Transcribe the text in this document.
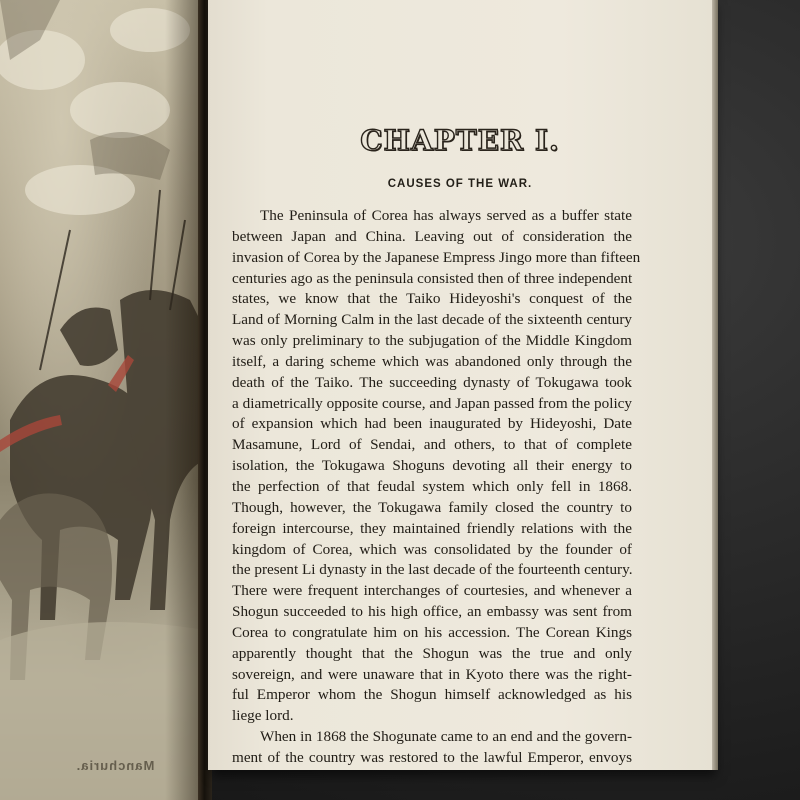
Manchuria.
CHAPTER I.
CAUSES OF THE WAR.
The Peninsula of Corea has always served as a buffer state
between Japan and China. Leaving out of consideration the
invasion of Corea by the Japanese Empress Jingo more than fifteen
centuries ago as the peninsula consisted then of three independent
states, we know that the Taiko Hideyoshi's conquest of the
Land of Morning Calm in the last decade of the sixteenth century
was only preliminary to the subjugation of the Middle Kingdom
itself, a daring scheme which was abandoned only through the
death of the Taiko. The succeeding dynasty of Tokugawa took
a diametrically opposite course, and Japan passed from the policy
of expansion which had been inaugurated by Hideyoshi, Date
Masamune, Lord of Sendai, and others, to that of complete
isolation, the Tokugawa Shoguns devoting all their energy to
the perfection of that feudal system which only fell in 1868.
Though, however, the Tokugawa family closed the country to
foreign intercourse, they maintained friendly relations with the
kingdom of Corea, which was consolidated by the founder of
the present Li dynasty in the last decade of the fourteenth century.
There were frequent interchanges of courtesies, and whenever a
Shogun succeeded to his high office, an embassy was sent from
Corea to congratulate him on his accession. The Corean Kings
apparently thought that the Shogun was the true and only
sovereign, and were unaware that in Kyoto there was the right-
ful Emperor whom the Shogun himself acknowledged as his
liege lord.
When in 1868 the Shogunate came to an end and the govern-
ment of the country was restored to the lawful Emperor, envoys
